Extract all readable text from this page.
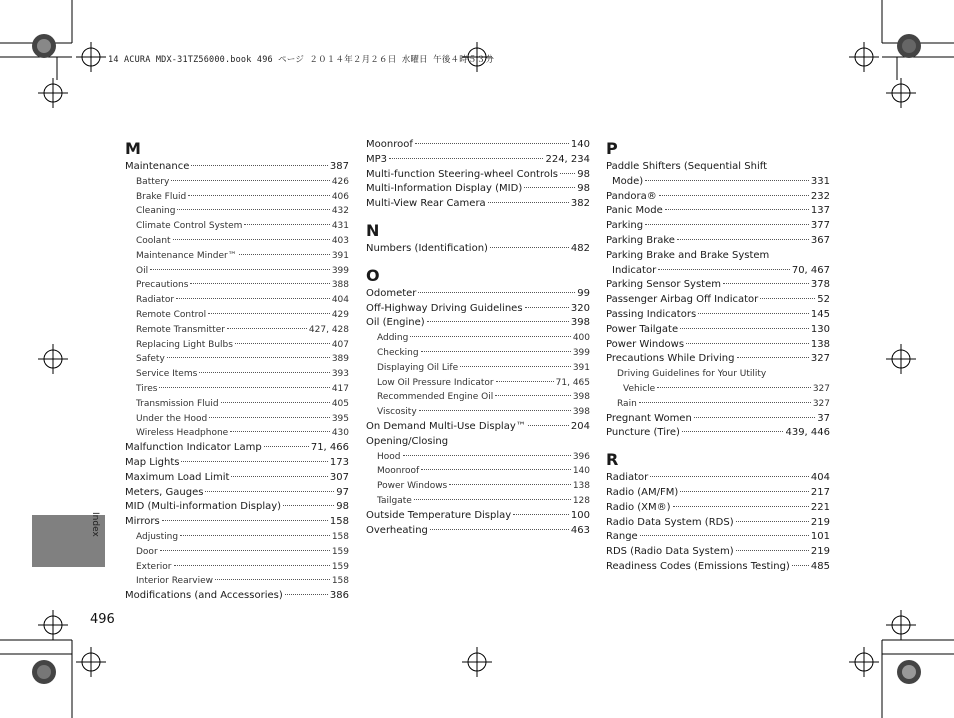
14 ACURA MDX-31TZ56000.book 496 ページ ２０１４年２月２６日 水曜日 午後４時５３分
Index
496
M
Maintenance	387
Battery	426
Brake Fluid	406
Cleaning	432
Climate Control System	431
Coolant	403
Maintenance Minder™	391
Oil	399
Precautions	388
Radiator	404
Remote Control	429
Remote Transmitter	427, 428
Replacing Light Bulbs	407
Safety	389
Service Items	393
Tires	417
Transmission Fluid	405
Under the Hood	395
Wireless Headphone	430
Malfunction Indicator Lamp	71, 466
Map Lights	173
Maximum Load Limit	307
Meters, Gauges	97
MID (Multi-information Display)	98
Mirrors	158
Adjusting	158
Door	159
Exterior	159
Interior Rearview	158
Modifications (and Accessories)	386
Moonroof	140
MP3	224, 234
Multi-function Steering-wheel Controls 98
Multi-Information Display (MID)	98
Multi-View Rear Camera	382
N
Numbers (Identification)	482
O
Odometer	99
Off-Highway Driving Guidelines	320
Oil (Engine)	398
Adding	400
Checking	399
Displaying Oil Life	391
Low Oil Pressure Indicator	71, 465
Recommended Engine Oil	398
Viscosity	398
On Demand Multi-Use Display™	204
Opening/Closing
Hood	396
Moonroof	140
Power Windows	138
Tailgate	128
Outside Temperature Display	100
Overheating	463
P
Paddle Shifters (Sequential Shift
Mode)	331
Pandora®	232
Panic Mode	137
Parking	377
Parking Brake	367
Parking Brake and Brake System
Indicator	70, 467
Parking Sensor System	378
Passenger Airbag Off Indicator	52
Passing Indicators	145
Power Tailgate	130
Power Windows	138
Precautions While Driving	327
Driving Guidelines for Your Utility
Vehicle	327
Rain	327
Pregnant Women	37
Puncture (Tire)	439, 446
R
Radiator	404
Radio (AM/FM)	217
Radio (XM®)	221
Radio Data System (RDS)	219
Range	101
RDS (Radio Data System)	219
Readiness Codes (Emissions Testing) 485
